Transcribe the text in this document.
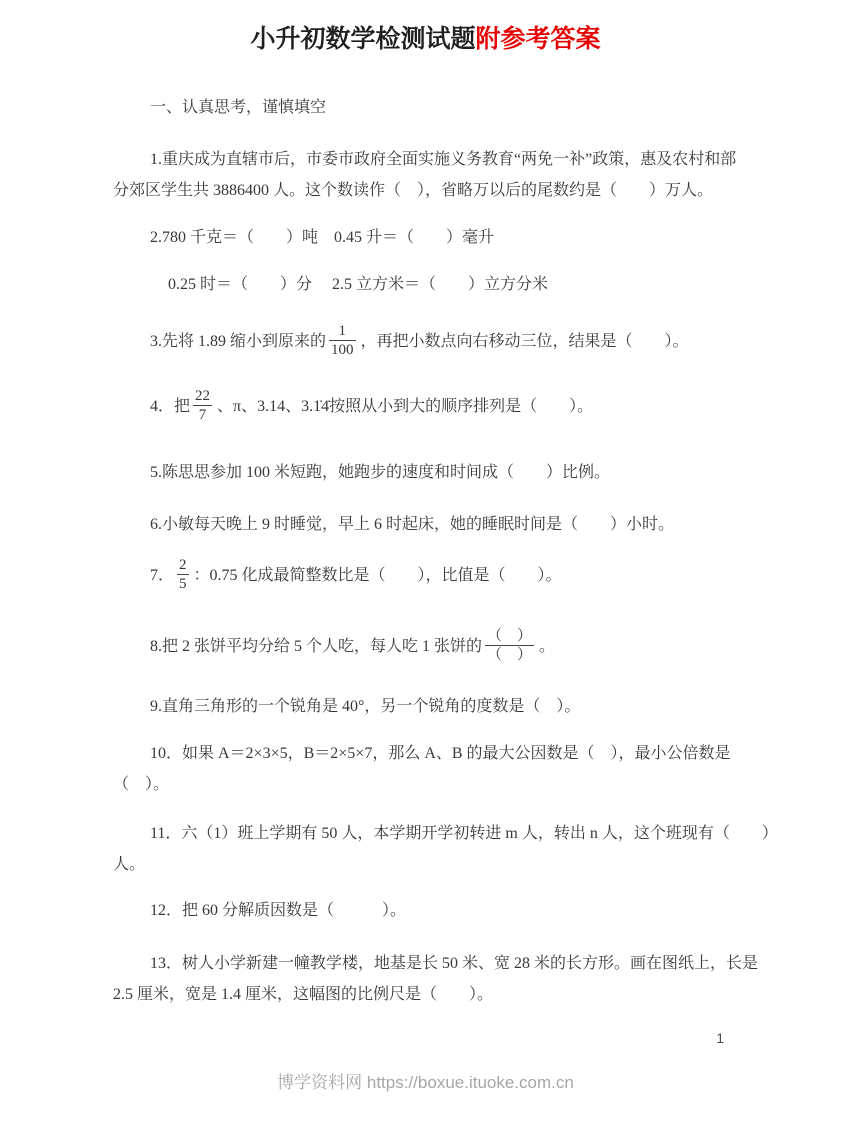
小升初数学检测试题附参考答案

一、认真思考，谨慎填空

1.重庆成为直辖市后，市委市政府全面实施义务教育“两免一补”政策，惠及农村和部
分郊区学生共 3886400 人。这个数读作（　），省略万以后的尾数约是（　　）万人。
2.780 千克＝（　　）吨　0.45 升＝（　　）毫升
0.25 时＝（　　）分　 2.5 立方米＝（　　）立方分米
3.先将 1.89 缩小到原来的 $\frac{1}{100}$ ，再把小数点向右移动三位，结果是（　　）。
4．把 $\frac{22}{7}$ 、π、3.14、3.1̇4̇按照从小到大的顺序排列是（　　）。
5.陈思思参加 100 米短跑，她跑步的速度和时间成（　　）比例。
6.小敏每天晚上 9 时睡觉，早上 6 时起床，她的睡眠时间是（　　）小时。
7． $\frac{2}{5}$ ：0.75 化成最简整数比是（　　），比值是（　　）。
8.把 2 张饼平均分给 5 个人吃，每人吃 1 张饼的 $\frac{( )}{( )}$ 。
9.直角三角形的一个锐角是 40°，另一个锐角的度数是（　）。
10．如果 A＝2×3×5，B＝2×5×7，那么 A、B 的最大公因数是（　），最小公倍数是
（　）。
11．六（1）班上学期有 50 人，本学期开学初转进 m 人，转出 n 人，这个班现有（　　）
人。
12．把 60 分解质因数是（　　　）。
13．树人小学新建一幢教学楼，地基是长 50 米、宽 28 米的长方形。画在图纸上，长是
2.5 厘米，宽是 1.4 厘米，这幅图的比例尺是（　　）。
1
博学资料网 https://boxue.ituoke.com.cn
